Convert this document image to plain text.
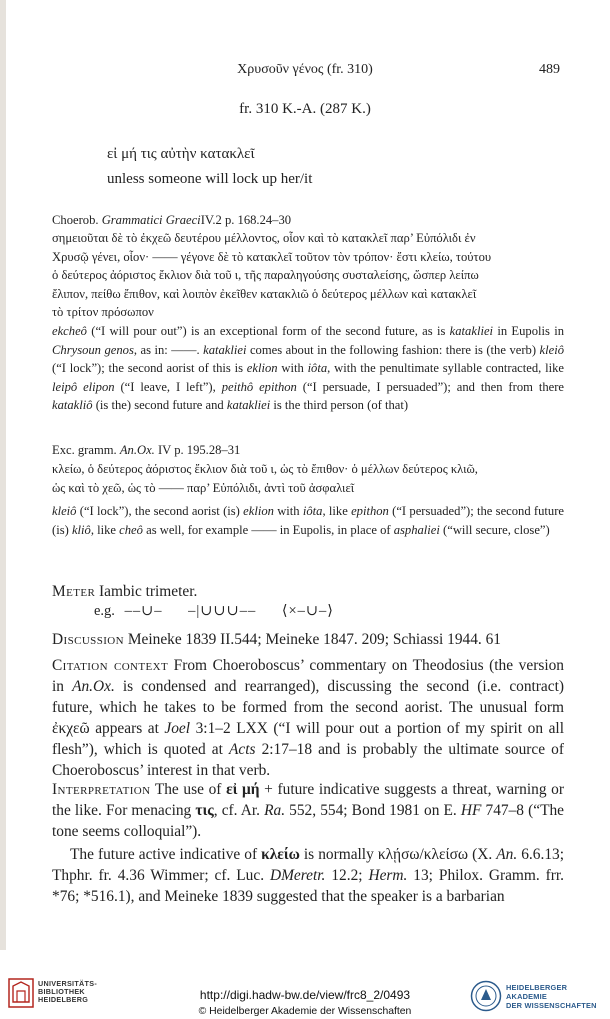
Χρυσοῦν γένος (fr. 310)	489
fr. 310 K.-A. (287 K.)
εἰ μή τις αὐτὴν κατακλεῖ
unless someone will lock up her/it
Choerob. Grammatici GraeciIV.2 p. 168.24–30
σημειοῦται δὲ τὸ ἐκχεῶ δευτέρου μέλλοντος, οἷον καὶ τὸ κατακλεῖ παρ’ Εὐπόλιδι ἐν
Χρυσῷ γένει, οἷον· —— γέγονε δὲ τὸ κατακλεῖ τοῦτον τὸν τρόπον· ἔστι κλείω, τούτου
ὁ δεύτερος ἀόριστος ἔκλιον διὰ τοῦ ι, τῆς παραληγούσης συσταλείσης, ὥσπερ λείπω
ἔλιπον, πείθω ἔπιθον, καὶ λοιπὸν ἐκεῖθεν κατακλιῶ ὁ δεύτερος μέλλων καὶ κατακλεῖ
τὸ τρίτον πρόσωπον
ekcheô (“I will pour out”) is an exceptional form of the second future, as is katakliei in Eupolis in Chrysoun genos, as in: ——. katakliei comes about in the following fashion: there is (the verb) kleiô (“I lock”); the second aorist of this is eklion with iôta, with the penultimate syllable contracted, like leipô elipon (“I leave, I left”), peithô epithon (“I persuade, I persuaded”); and then from there katakliô (is the) second future and katakliei is the third person (of that)
Exc. gramm. An.Ox. IV p. 195.28–31
κλείω, ὁ δεύτερος ἀόριστος ἔκλιον διὰ τοῦ ι, ὡς τὸ ἔπιθον· ὁ μέλλων δεύτερος κλιῶ,
ὡς καὶ τὸ χεῶ, ὡς τὸ —— παρ’ Εὐπόλιδι, ἀντὶ τοῦ ἀσφαλιεῖ
kleiô (“I lock”), the second aorist (is) eklion with iôta, like epithon (“I persuaded”); the second future (is) kliô, like cheô as well, for example —— in Eupolis, in place of asphaliei (“will secure, close”)
Meter Iambic trimeter.
e.g. ––∪– –|∪∪∪–– ⟨×–∪–⟩
Discussion Meineke 1839 II.544; Meineke 1847. 209; Schiassi 1944. 61
Citation context From Choeroboscus’ commentary on Theodosius (the version in An.Ox. is condensed and rearranged), discussing the second (i.e. contract) future, which he takes to be formed from the second aorist. The unusual form ἐκχεῶ appears at Joel 3:1–2 LXX (“I will pour out a portion of my spirit on all flesh”), which is quoted at Acts 2:17–18 and is probably the ultimate source of Choeroboscus’ interest in that verb.
Interpretation The use of εἰ μή + future indicative suggests a threat, warning or the like. For menacing τις, cf. Ar. Ra. 552, 554; Bond 1981 on E. HF 747–8 (“The tone seems colloquial”).
The future active indicative of κλείω is normally κλῄσω/κλείσω (X. An. 6.6.13; Thphr. fr. 4.36 Wimmer; cf. Luc. DMeretr. 12.2; Herm. 13; Philox. Gramm. frr. *76; *516.1), and Meineke 1839 suggested that the speaker is a barbarian
UNIVERSITÄTS-
BIBLIOTHEK
HEIDELBERG	http://digi.hadw-bw.de/view/frc8_2/0493
© Heidelberger Akademie der Wissenschaften
HEIDELBERGER AKADEMIE
DER WISSENSCHAFTEN
